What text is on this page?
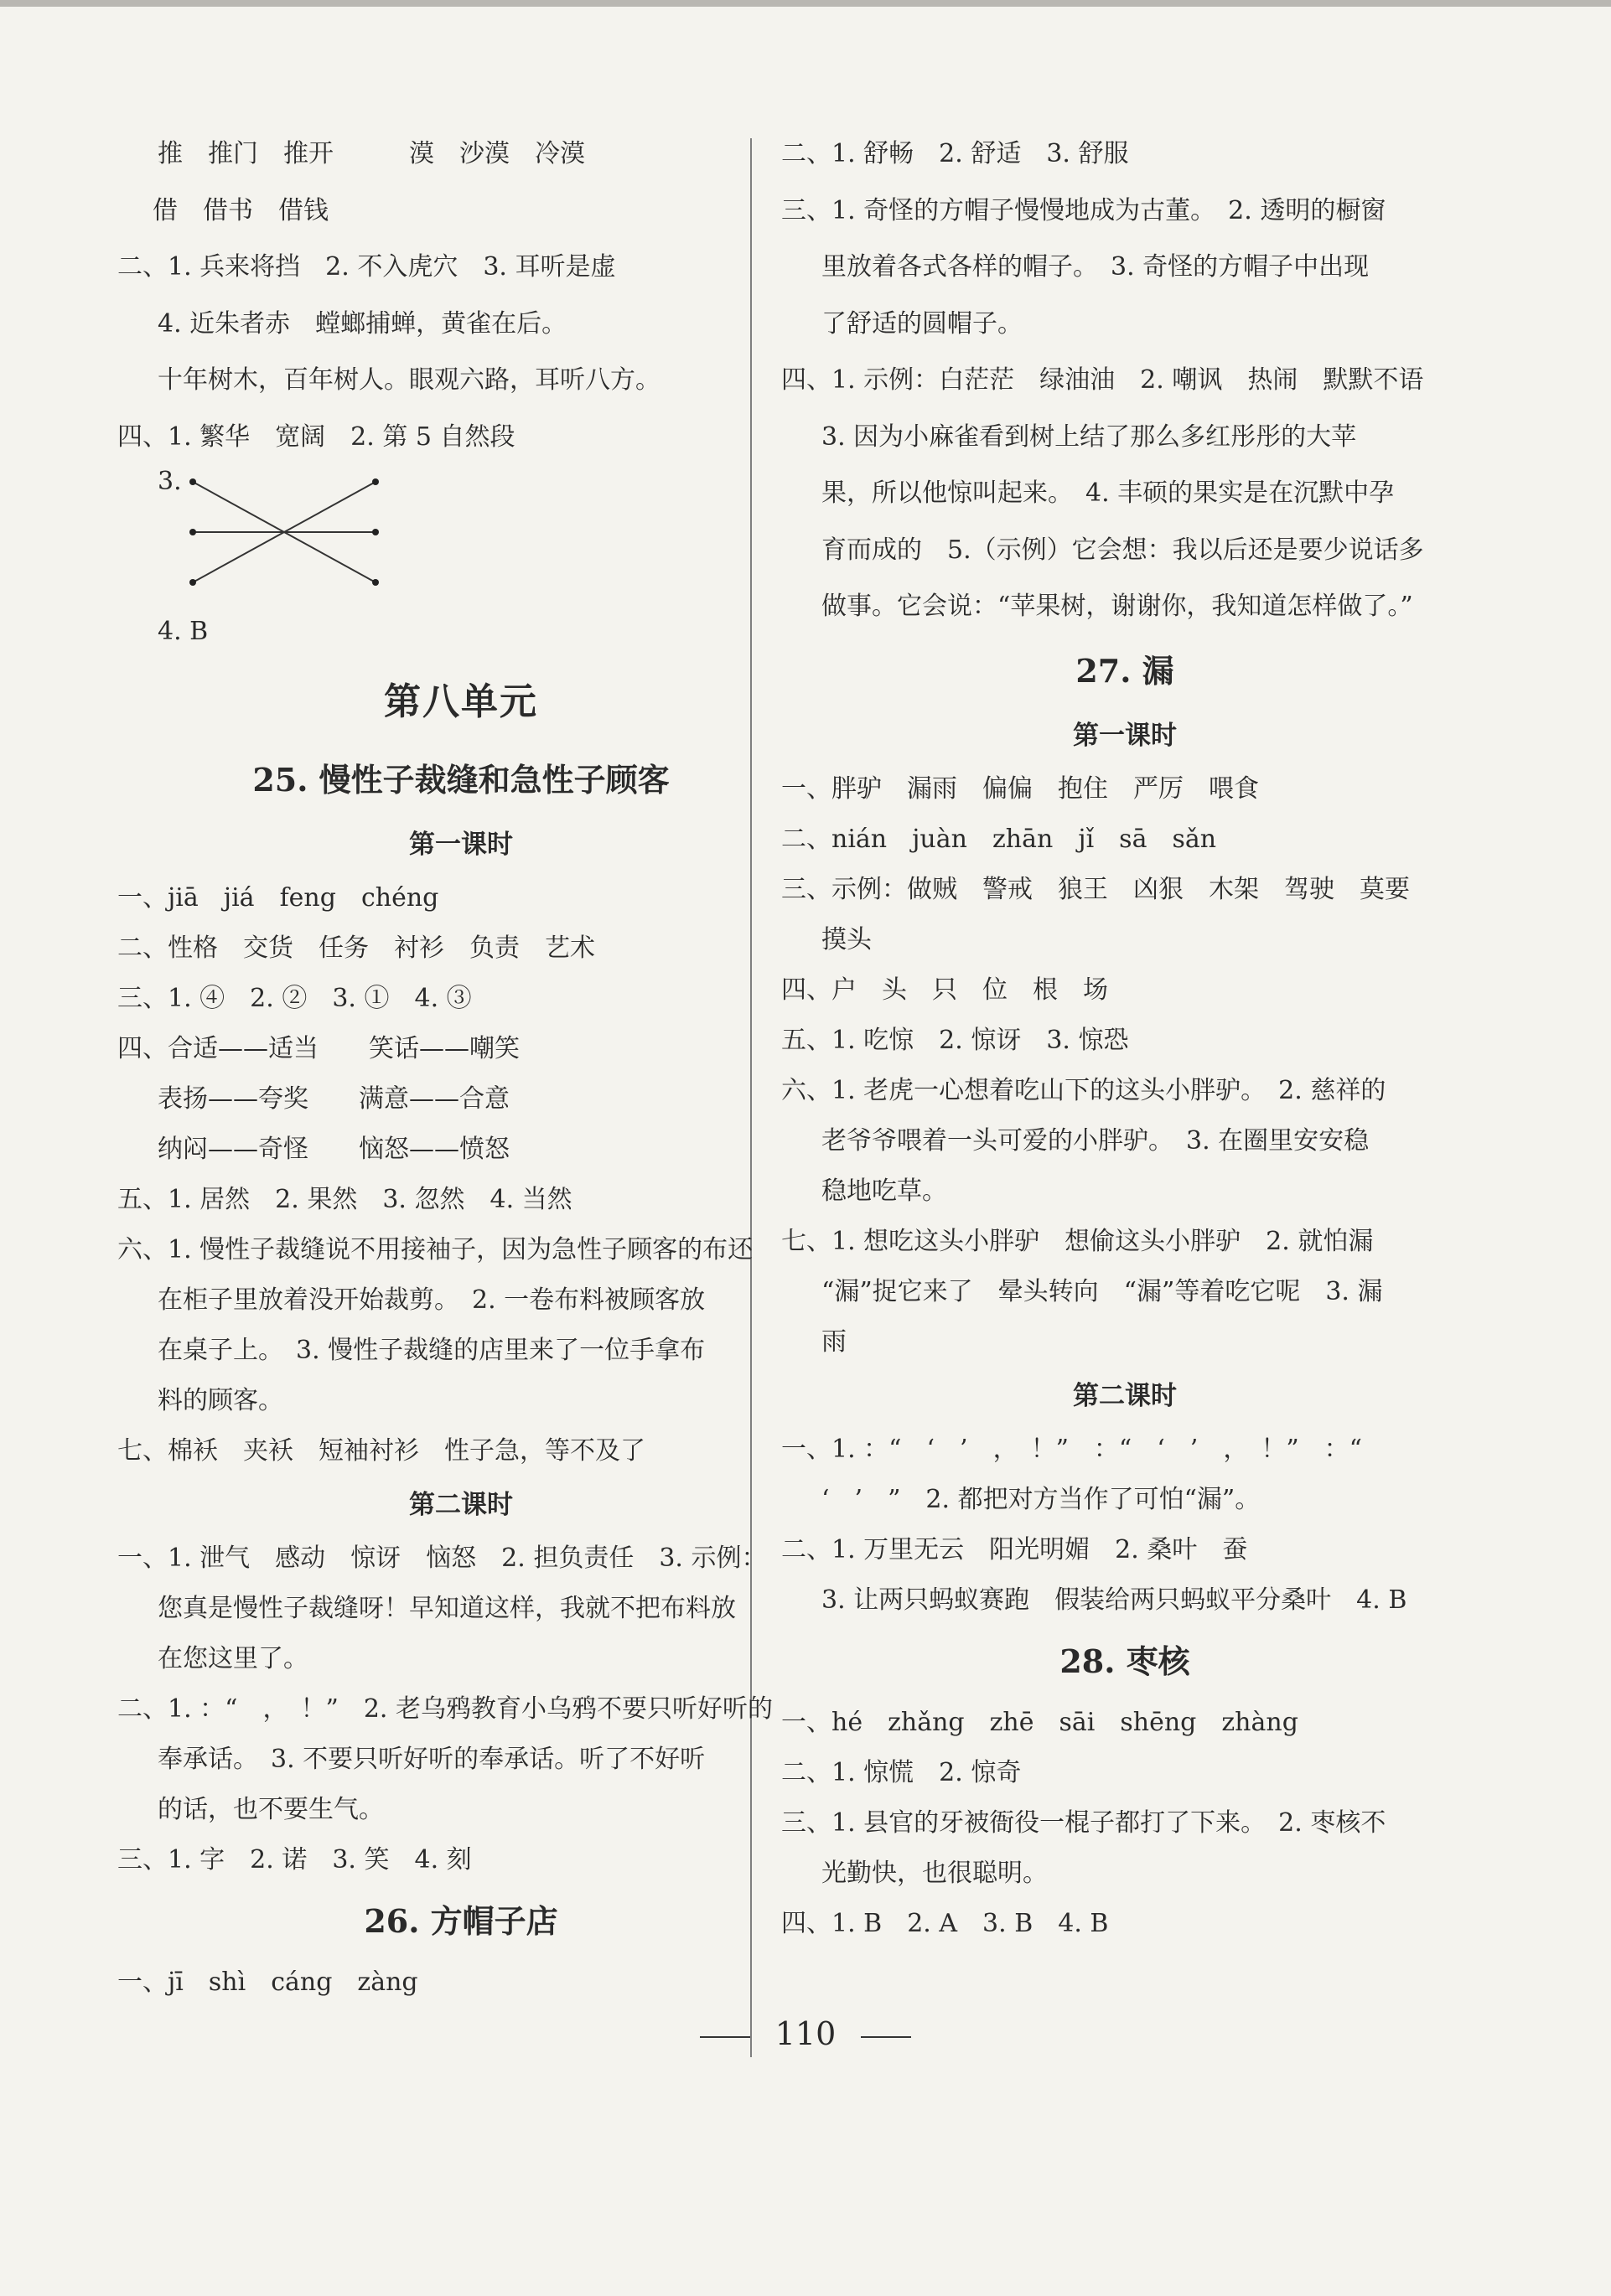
推　推门　推开　　　漠　沙漠　冷漠
借　借书　借钱
二、1. 兵来将挡　2. 不入虎穴　3. 耳听是虚
4. 近朱者赤　螳螂捕蝉，黄雀在后。
十年树木，百年树人。眼观六路，耳听八方。
四、1. 繁华　宽阔　2. 第 5 自然段
3.
4. B
第八单元
25. 慢性子裁缝和急性子顾客
第一课时
一、jiā　jiá　feng　chéng
二、性格　交货　任务　衬衫　负责　艺术
三、1. ④　2. ②　3. ①　4. ③
四、合适——适当　　笑话——嘲笑
表扬——夸奖　　满意——合意
纳闷——奇怪　　恼怒——愤怒
五、1. 居然　2. 果然　3. 忽然　4. 当然
六、1. 慢性子裁缝说不用接袖子，因为急性子顾客的布还
在柜子里放着没开始裁剪。　2. 一卷布料被顾客放
在桌子上。　3. 慢性子裁缝的店里来了一位手拿布
料的顾客。
七、棉袄　夹袄　短袖衬衫　性子急，等不及了
第二课时
一、1. 泄气　感动　惊讶　恼怒　2. 担负责任　3. 示例：
您真是慢性子裁缝呀！早知道这样，我就不把布料放
在您这里了。
二、1. ：“　，　！”　2. 老乌鸦教育小乌鸦不要只听好听的
奉承话。　3. 不要只听好听的奉承话。听了不好听
的话，也不要生气。
三、1. 字　2. 诺　3. 笑　4. 刻
26. 方帽子店
一、jī　shì　cáng　zàng
二、1. 舒畅　2. 舒适　3. 舒服
三、1. 奇怪的方帽子慢慢地成为古董。　2. 透明的橱窗
里放着各式各样的帽子。　3. 奇怪的方帽子中出现
了舒适的圆帽子。
四、1. 示例：白茫茫　绿油油　2. 嘲讽　热闹　默默不语
3. 因为小麻雀看到树上结了那么多红彤彤的大苹
果，所以他惊叫起来。　4. 丰硕的果实是在沉默中孕
育而成的　5.（示例）它会想：我以后还是要少说话多
做事。它会说：“苹果树，谢谢你，我知道怎样做了。”
27. 漏
第一课时
一、胖驴　漏雨　偏偏　抱住　严厉　喂食
二、nián　juàn　zhān　jǐ　sā　sǎn
三、示例：做贼　警戒　狼王　凶狠　木架　驾驶　莫要
摸头
四、户　头　只　位　根　场
五、1. 吃惊　2. 惊讶　3. 惊恐
六、1. 老虎一心想着吃山下的这头小胖驴。　2. 慈祥的
老爷爷喂着一头可爱的小胖驴。　3. 在圈里安安稳
稳地吃草。
七、1. 想吃这头小胖驴　想偷这头小胖驴　2. 就怕漏
“漏”捉它来了　晕头转向　“漏”等着吃它呢　3. 漏
雨
第二课时
一、1. ：“　‘　’　，　！”　：“　‘　’　，　！”　：“
‘　’　”　2. 都把对方当作了可怕“漏”。
二、1. 万里无云　阳光明媚　2. 桑叶　蚕
3. 让两只蚂蚁赛跑　假装给两只蚂蚁平分桑叶　4. B
28. 枣核
一、hé　zhǎng　zhē　sāi　shēng　zhàng
二、1. 惊慌　2. 惊奇
三、1. 县官的牙被衙役一棍子都打了下来。　2. 枣核不
光勤快，也很聪明。
四、1. B　2. A　3. B　4. B
110
